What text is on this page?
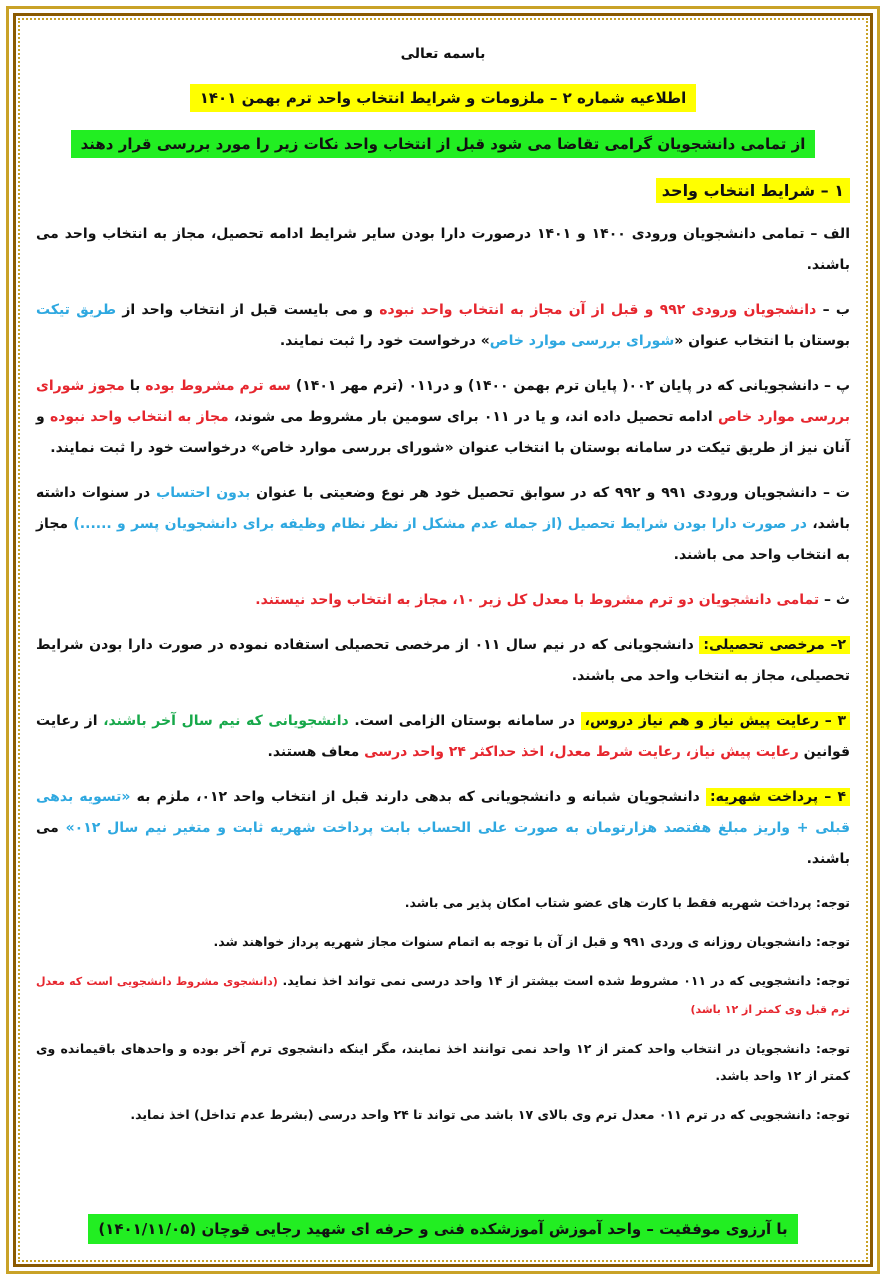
باسمه تعالی
اطلاعیه شماره ۲ – ملزومات و شرایط انتخاب واحد ترم بهمن ۱۴۰۱
از تمامی دانشجویان گرامی تقاضا می شود قبل از انتخاب واحد نکات زیر را مورد بررسی قرار دهند
۱ – شرایط انتخاب واحد

الف – تمامی دانشجویان ورودی ۱۴۰۰ و ۱۴۰۱ درصورت دارا بودن سایر شرایط ادامه تحصیل، مجاز به انتخاب واحد می باشند.

ب – دانشجویان ورودی ۹۹۲ و قبل از آن مجاز به انتخاب واحد نبوده و می بایست قبل از انتخاب واحد از طریق تیکت بوستان با انتخاب عنوان «شورای بررسی موارد خاص» درخواست خود را ثبت نمایند.

پ – دانشجویانی که در پایان ۰۰۲( پایان ترم بهمن ۱۴۰۰) و در۰۱۱ (ترم مهر ۱۴۰۱) سه ترم مشروط بوده با مجوز شورای بررسی موارد خاص ادامه تحصیل داده اند، و یا در ۰۱۱ برای سومین بار مشروط می شوند، مجاز به انتخاب واحد نبوده و آنان نیز از طریق تیکت در سامانه بوستان با انتخاب عنوان «شورای بررسی موارد خاص» درخواست خود را ثبت نمایند.

ت – دانشجویان ورودی ۹۹۱ و ۹۹۲ که در سوابق تحصیل خود هر نوع وضعیتی با عنوان بدون احتساب در سنوات داشته باشد، در صورت دارا بودن شرایط تحصیل (از جمله عدم مشکل از نظر نظام وظیفه برای دانشجویان پسر و ......) مجاز به انتخاب واحد می باشند.

ث – تمامی دانشجویان دو ترم مشروط با معدل کل زیر ۱۰، مجاز به انتخاب واحد نیستند.

۲– مرخصی تحصیلی: دانشجویانی که در نیم سال ۰۱۱ از مرخصی تحصیلی استفاده نموده در صورت دارا بودن شرایط تحصیلی، مجاز به انتخاب واحد می باشند.

۳ – رعایت پیش نیاز و هم نیاز دروس، در سامانه بوستان الزامی است. دانشجویانی که نیم سال آخر باشند، از رعایت قوانین رعایت پیش نیاز، رعایت شرط معدل، اخذ حداکثر ۲۴ واحد درسی معاف هستند.

۴ – پرداخت شهریه: دانشجویان شبانه و دانشجویانی که بدهی دارند قبل از انتخاب واحد ۰۱۲، ملزم به «تسویه بدهی قبلی + واریز مبلغ هفتصد هزارتومان به صورت علی الحساب بابت پرداخت شهریه ثابت و متغیر نیم سال ۰۱۲» می باشند.

توجه: پرداخت شهریه فقط با کارت های عضو شتاب امکان پذیر می باشد.

توجه: دانشجویان روزانه ی وردی ۹۹۱ و قبل از آن با توجه به اتمام سنوات مجاز شهریه پرداز خواهند شد.

توجه: دانشجویی که در ۰۱۱ مشروط شده است بیشتر از ۱۴ واحد درسی نمی تواند اخذ نماید. (دانشجوی مشروط دانشجویی است که معدل ترم قبل وی کمتر از ۱۲ باشد)

توجه: دانشجویان در انتخاب واحد کمتر از ۱۲ واحد نمی توانند اخذ نمایند، مگر اینکه دانشجوی ترم آخر بوده و واحدهای باقیمانده وی کمتر از ۱۲ واحد باشد.

توجه: دانشجویی که در ترم ۰۱۱ معدل ترم وی بالای ۱۷ باشد می تواند تا ۲۴ واحد درسی (بشرط عدم تداخل) اخذ نماید.

با آرزوی موفقیت – واحد آموزش آموزشکده فنی و حرفه ای شهید رجایی قوچان (۱۴۰۱/۱۱/۰۵)
